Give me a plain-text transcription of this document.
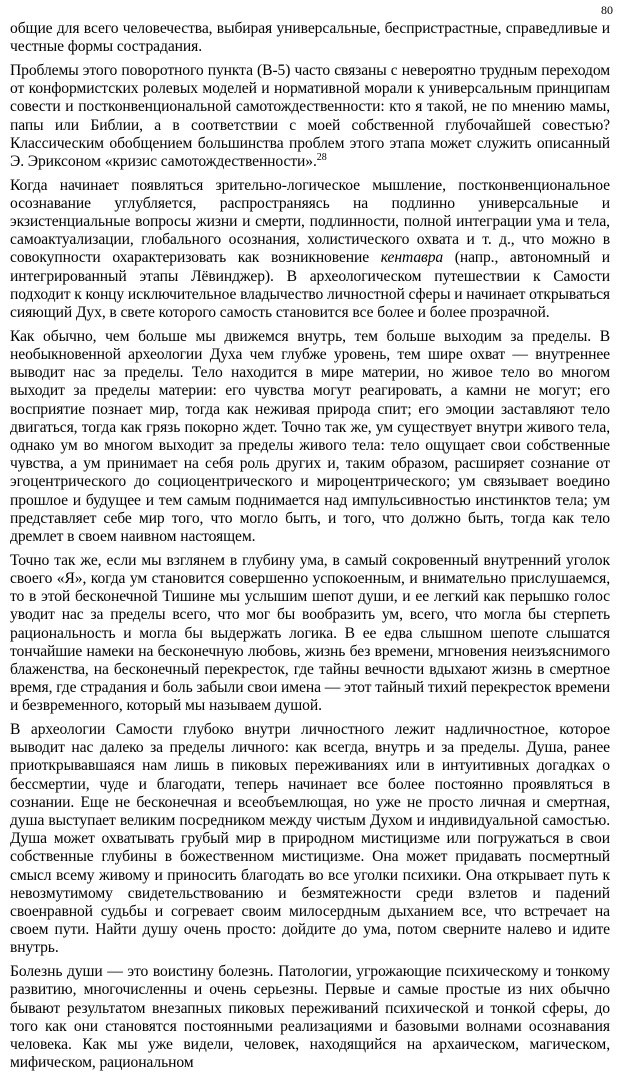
80

общие для всего человечества, выбирая универсальные, беспристрастные, справедливые и честные формы сострадания.

Проблемы этого поворотного пункта (В-5) часто связаны с невероятно трудным переходом от конформистских ролевых моделей и нормативной морали к универсальным принципам совести и постконвенциональной самотождественности: кто я такой, не по мнению мамы, папы или Библии, а в соответствии с моей собственной глубочайшей совестью? Классическим обобщением большинства проблем этого этапа может служить описанный Э. Эриксоном «кризис самотождественности».$^{28}$

Когда начинает появляться зрительно-логическое мышление, постконвенциональное осознавание углубляется, распространяясь на подлинно универсальные и экзистенциальные вопросы жизни и смерти, подлинности, полной интеграции ума и тела, самоактуализации, глобального осознания, холистического охвата и т. д., что можно в совокупности охарактеризовать как возникновение кентавра (напр., автономный и интегрированный этапы Лёвинджер). В археологическом путешествии к Самости подходит к концу исключительное владычество личностной сферы и начинает открываться сияющий Дух, в свете которого самость становится все более и более прозрачной.

Как обычно, чем больше мы движемся внутрь, тем больше выходим за пределы. В необыкновенной археологии Духа чем глубже уровень, тем шире охват — внутреннее выводит нас за пределы. Тело находится в мире материи, но живое тело во многом выходит за пределы материи: его чувства могут реагировать, а камни не могут; его восприятие познает мир, тогда как неживая природа спит; его эмоции заставляют тело двигаться, тогда как грязь покорно ждет. Точно так же, ум существует внутри живого тела, однако ум во многом выходит за пределы живого тела: тело ощущает свои собственные чувства, а ум принимает на себя роль других и, таким образом, расширяет сознание от эгоцентрического до социоцентрического и мироцентрического; ум связывает воедино прошлое и будущее и тем самым поднимается над импульсивностью инстинктов тела; ум представляет себе мир того, что могло быть, и того, что должно быть, тогда как тело дремлет в своем наивном настоящем.

Точно так же, если мы взглянем в глубину ума, в самый сокровенный внутренний уголок своего «Я», когда ум становится совершенно успокоенным, и внимательно прислушаемся, то в этой бесконечной Тишине мы услышим шепот души, и ее легкий как перышко голос уводит нас за пределы всего, что мог бы вообразить ум, всего, что могла бы стерпеть рациональность и могла бы выдержать логика. В ее едва слышном шепоте слышатся тончайшие намеки на бесконечную любовь, жизнь без времени, мгновения неизъяснимого блаженства, на бесконечный перекресток, где тайны вечности вдыхают жизнь в смертное время, где страдания и боль забыли свои имена — этот тайный тихий перекресток времени и безвременного, который мы называем душой.

В археологии Самости глубоко внутри личностного лежит надличностное, которое выводит нас далеко за пределы личного: как всегда, внутрь и за пределы. Душа, ранее приоткрывавшаяся нам лишь в пиковых переживаниях или в интуитивных догадках о бессмертии, чуде и благодати, теперь начинает все более постоянно проявляться в сознании. Еще не бесконечная и всеобъемлющая, но уже не просто личная и смертная, душа выступает великим посредником между чистым Духом и индивидуальной самостью. Душа может охватывать грубый мир в природном мистицизме или погружаться в свои собственные глубины в божественном мистицизме. Она может придавать посмертный смысл всему живому и приносить благодать во все уголки психики. Она открывает путь к невозмутимому свидетельствованию и безмятежности среди взлетов и падений своенравной судьбы и согревает своим милосердным дыханием все, что встречает на своем пути. Найти душу очень просто: дойдите до ума, потом сверните налево и идите внутрь.

Болезнь души — это воистину болезнь. Патологии, угрожающие психическому и тонкому развитию, многочисленны и очень серьезны. Первые и самые простые из них обычно бывают результатом внезапных пиковых переживаний психической и тонкой сферы, до того как они становятся постоянными реализациями и базовыми волнами осознавания человека. Как мы уже видели, человек, находящийся на архаическом, магическом, мифическом, рациональном
